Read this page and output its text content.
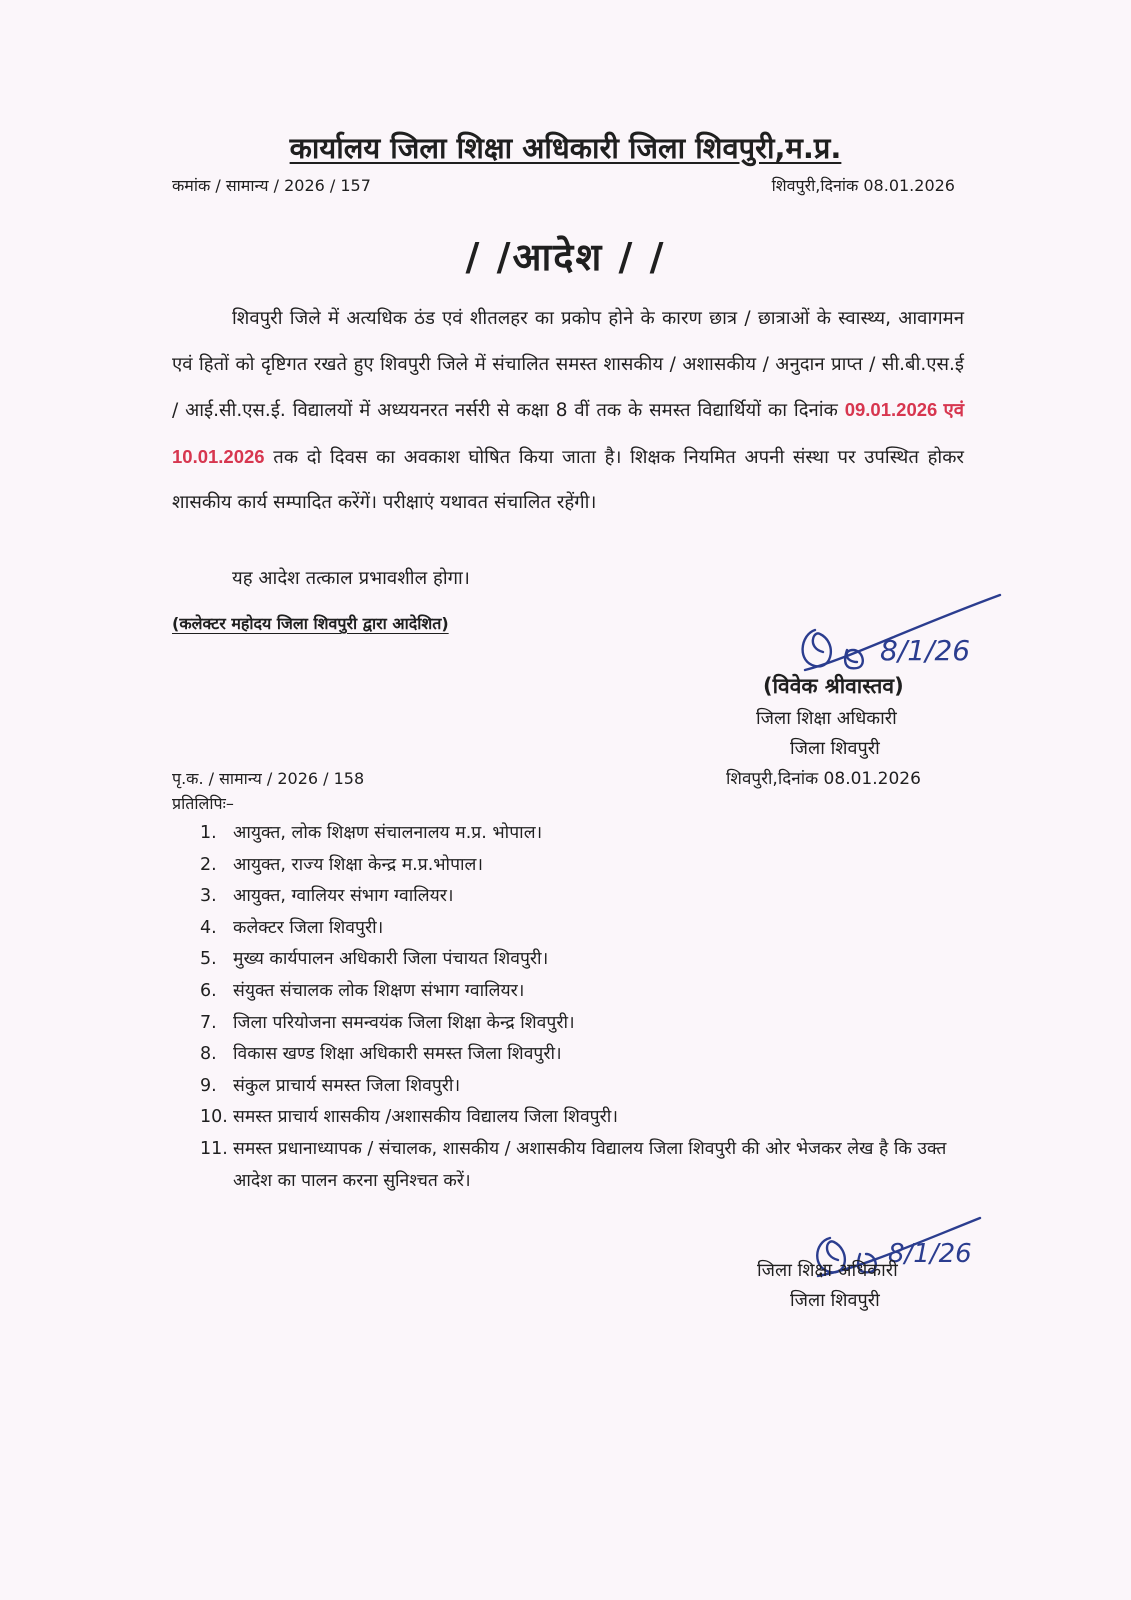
कार्यालय जिला शिक्षा अधिकारी जिला शिवपुरी,म.प्र.
कमांक / सामान्य / 2026 / 157	शिवपुरी,दिनांक 08.01.2026
/ /आदेश / /
शिवपुरी जिले में अत्यधिक ठंड एवं शीतलहर का प्रकोप होने के कारण छात्र / छात्राओं के स्वास्थ्य, आवागमन एवं हितों को दृष्टिगत रखते हुए शिवपुरी जिले में संचालित समस्त शासकीय / अशासकीय / अनुदान प्राप्त / सी.बी.एस.ई / आई.सी.एस.ई. विद्यालयों में अध्ययनरत नर्सरी से कक्षा 8 वीं तक के समस्त विद्यार्थियों का दिनांक 09.01.2026 एवं 10.01.2026 तक दो दिवस का अवकाश घोषित किया जाता है। शिक्षक नियमित अपनी संस्था पर उपस्थित होकर शासकीय कार्य सम्पादित करेंगें। परीक्षाएं यथावत संचालित रहेंगी।
यह आदेश तत्काल प्रभावशील होगा।
(कलेक्टर महोदय जिला शिवपुरी द्वारा आदेशित)
8/1/26
(विवेक श्रीवास्तव)
जिला शिक्षा अधिकारी
जिला शिवपुरी
शिवपुरी,दिनांक 08.01.2026
पृ.क. / सामान्य / 2026 / 158
प्रतिलिपिः–
1. आयुक्त, लोक शिक्षण संचालनालय म.प्र. भोपाल।
2. आयुक्त, राज्य शिक्षा केन्द्र म.प्र.भोपाल।
3. आयुक्त, ग्वालियर संभाग ग्वालियर।
4. कलेक्टर जिला शिवपुरी।
5. मुख्य कार्यपालन अधिकारी जिला पंचायत शिवपुरी।
6. संयुक्त संचालक लोक शिक्षण संभाग ग्वालियर।
7. जिला परियोजना समन्वयंक जिला शिक्षा केन्द्र शिवपुरी।
8. विकास खण्ड शिक्षा अधिकारी समस्त जिला शिवपुरी।
9. संकुल प्राचार्य समस्त जिला शिवपुरी।
10. समस्त प्राचार्य शासकीय /अशासकीय विद्यालय जिला शिवपुरी।
11. समस्त प्रधानाध्यापक / संचालक, शासकीय / अशासकीय विद्यालय जिला शिवपुरी की ओर भेजकर लेख है कि उक्त आदेश का पालन करना सुनिश्चत करें।
8/1/26
जिला शिक्षा अधिकारी
जिला शिवपुरी
